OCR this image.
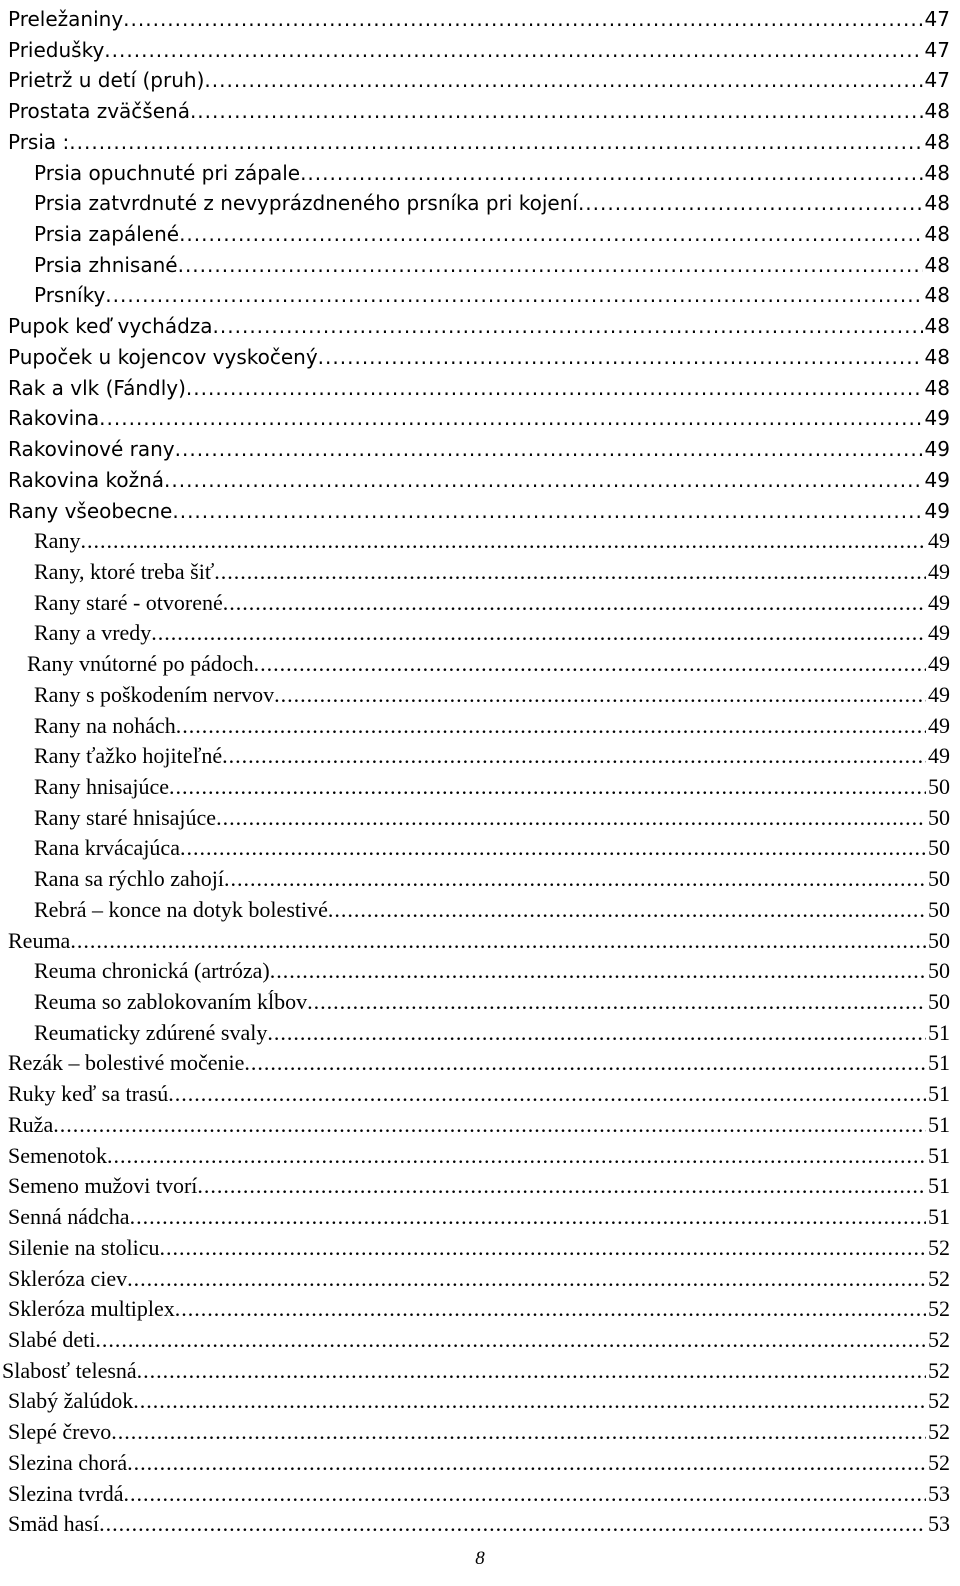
Preležaniny .....	47
Priedušky .....	47
Prietrž u detí (pruh) .....	47
Prostata zväčšená .....	48
Prsia : .....	48
Prsia opuchnuté pri zápale .....	48
Prsia zatvrdnuté z nevyprázdneného prsníka pri kojení .....	48
Prsia zapálené .....	48
Prsia zhnisané .....	48
Prsníky .....	48
Pupok keď vychádza .....	48
Pupoček u kojencov vyskočený .....	48
Rak a vlk (Fándly) .....	48
Rakovina .....	49
Rakovinové rany .....	49
Rakovina kožná .....	49
Rany všeobecne .....	49
Rany .....	49
Rany, ktoré treba šiť .....	49
Rany staré - otvorené .....	49
Rany a vredy .....	49
Rany vnútorné po pádoch .....	49
Rany s poškodením nervov .....	49
Rany na nohách .....	49
Rany ťažko hojiteľné .....	49
Rany hnisajúce .....	50
Rany staré hnisajúce .....	50
Rana krvácajúca .....	50
Rana sa rýchlo zahojí .....	50
Rebrá – konce na dotyk bolestivé .....	50
Reuma .....	50
Reuma chronická (artróza) .....	50
Reuma so zablokovaním kĺbov .....	50
Reumaticky zdúrené svaly .....	51
Rezák – bolestivé močenie .....	51
Ruky keď sa trasú .....	51
Ruža .....	51
Semenotok .....	51
Semeno mužovi tvorí .....	51
Senná nádcha .....	51
Silenie na stolicu .....	52
Skleróza ciev .....	52
Skleróza multiplex .....	52
Slabé deti .....	52
Slabosť telesná .....	52
Slabý žalúdok .....	52
Slepé črevo .....	52
Slezina chorá .....	52
Slezina tvrdá .....	53
Smäd hasí .....	53
8
